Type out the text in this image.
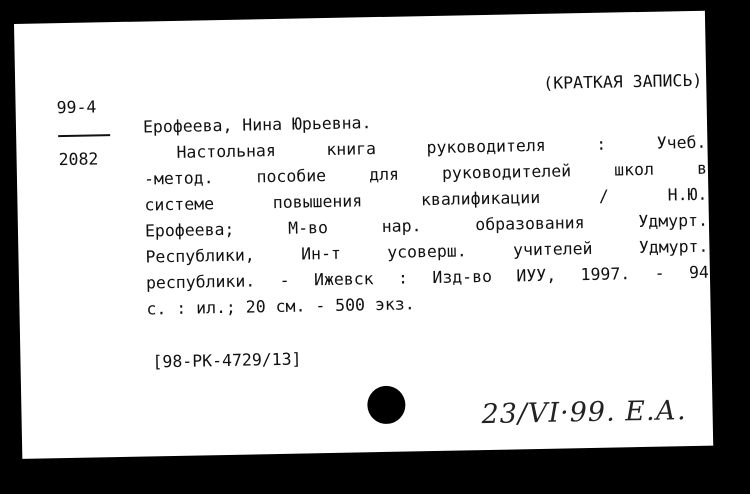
99-4
2082
(КРАТКАЯ ЗАПИСЬ)
Ерофеева, Нина Юрьевна.
Настольная книга руководителя : Учеб.
-метод. пособие для руководителей школ в
системе повышения квалификации / Н.Ю.
Ерофеева; М-во нар. образования Удмурт.
Республики, Ин-т усоверш. учителей Удмурт.
республики. - Ижевск : Изд-во ИУУ, 1997. - 94
с. : ил.; 20 см. - 500 экз.
[98-РК-4729/13]
23/VI·99. Е.А.
